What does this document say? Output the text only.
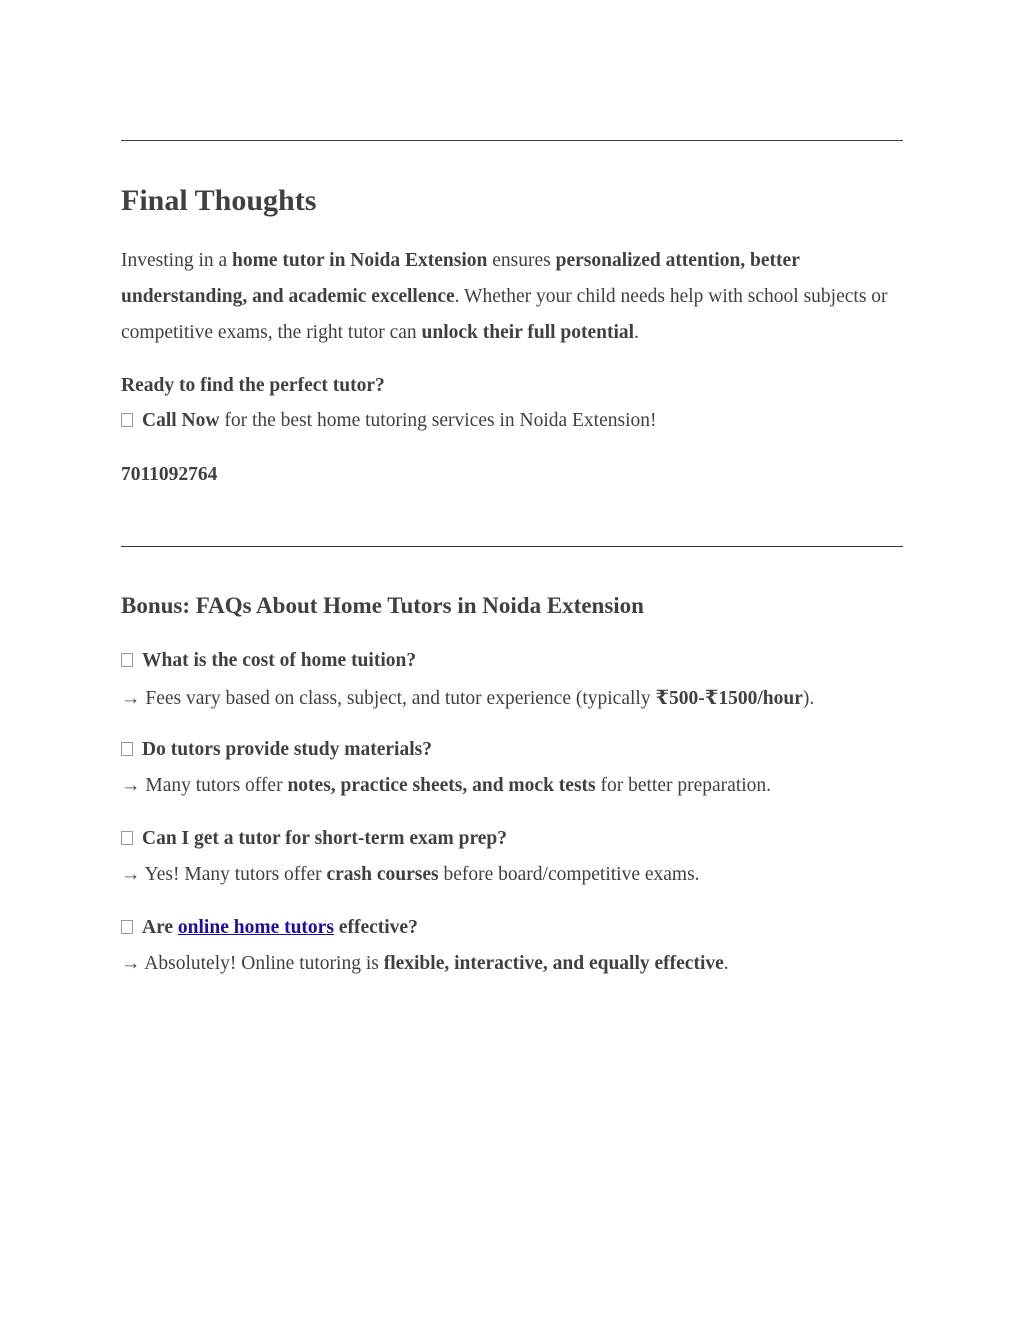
Final Thoughts
Investing in a home tutor in Noida Extension ensures personalized attention, better understanding, and academic excellence. Whether your child needs help with school subjects or competitive exams, the right tutor can unlock their full potential.
Ready to find the perfect tutor?
Call Now for the best home tutoring services in Noida Extension!
7011092764
Bonus: FAQs About Home Tutors in Noida Extension
What is the cost of home tuition?
→ Fees vary based on class, subject, and tutor experience (typically ₹500-₹1500/hour).
Do tutors provide study materials?
→ Many tutors offer notes, practice sheets, and mock tests for better preparation.
Can I get a tutor for short-term exam prep?
→ Yes! Many tutors offer crash courses before board/competitive exams.
Are online home tutors effective?
→ Absolutely! Online tutoring is flexible, interactive, and equally effective.
